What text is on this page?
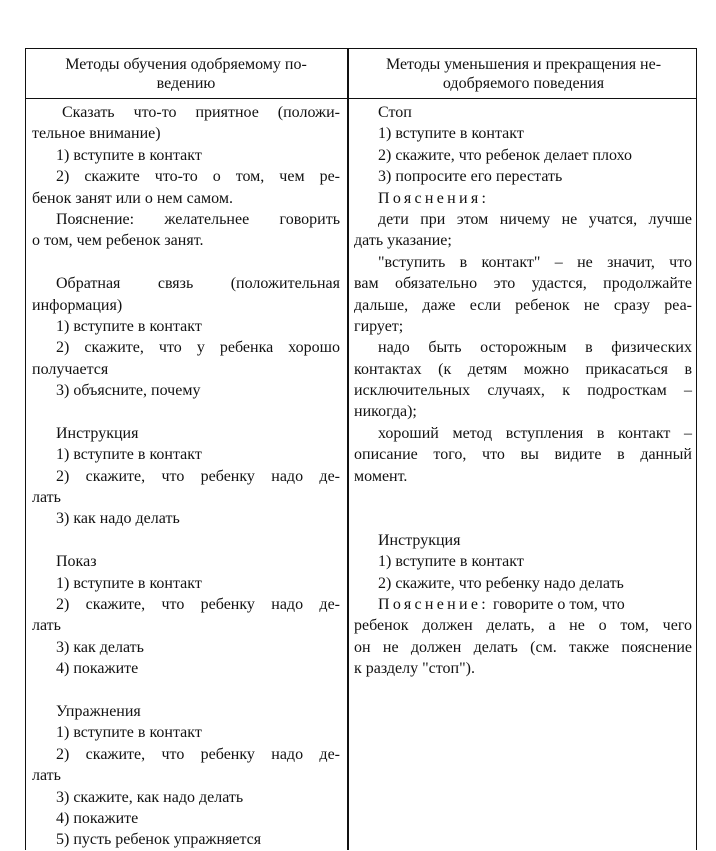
Методы обучения одобряемому по-
ведению
Методы уменьшения и прекращения не-
одобряемого поведения
Сказать что-то приятное (положи-
тельное внимание)
1) вступите в контакт
2) скажите что-то о том, чем ре-
бенок занят или о нем самом.
Пояснение: желательнее говорить
о том, чем ребенок занят.
Обратная связь (положительная
информация)
1) вступите в контакт
2) скажите, что у ребенка хорошо
получается
3) объясните, почему
Инструкция
1) вступите в контакт
2) скажите, что ребенку надо де-
лать
3) как надо делать
Показ
1) вступите в контакт
2) скажите, что ребенку надо де-
лать
3) как делать
4) покажите
Упражнения
1) вступите в контакт
2) скажите, что ребенку надо де-
лать
3) скажите, как надо делать
4) покажите
5) пусть ребенок упражняется
Стоп
1) вступите в контакт
2) скажите, что ребенок делает плохо
3) попросите его перестать
Пояснения:
дети при этом ничему не учатся, лучше
дать указание;
"вступить в контакт" – не значит, что
вам обязательно это удастся, продолжайте
дальше, даже если ребенок не сразу реа-
гирует;
надо быть осторожным в физических
контактах (к детям можно прикасаться в
исключительных случаях, к подросткам –
никогда);
хороший метод вступления в контакт –
описание того, что вы видите в данный
момент.
Инструкция
1) вступите в контакт
2) скажите, что ребенку надо делать
Пояснение: говорите о том, что
ребенок должен делать, а не о том, чего
он не должен делать (см. также пояснение
к разделу "стоп").
